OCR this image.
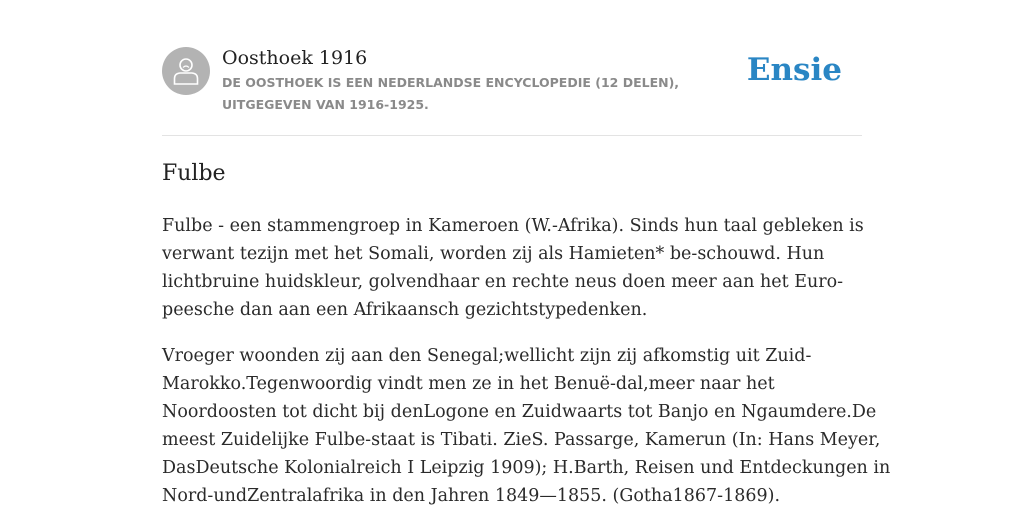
Oosthoek 1916
DE OOSTHOEK IS EEN NEDERLANDSE ENCYCLOPEDIE (12 DELEN), UITGEGEVEN VAN 1916-1925.
Ensie
Fulbe

Fulbe - een stammengroep in Kameroen (W.-Afrika). Sinds hun taal gebleken is
verwant tezijn met het Somali, worden zij als Hamieten* be-schouwd. Hun
lichtbruine huidskleur, golvendhaar en rechte neus doen meer aan het Euro-
peesche dan aan een Afrikaansch gezichtstypedenken.

Vroeger woonden zij aan den Senegal;wellicht zijn zij afkomstig uit Zuid-
Marokko.Tegenwoordig vindt men ze in het Benuë-dal,meer naar het
Noordoosten tot dicht bij denLogone en Zuidwaarts tot Banjo en Ngaumdere.De
meest Zuidelijke Fulbe-staat is Tibati. ZieS. Passarge, Kamerun (In: Hans Meyer,
DasDeutsche Kolonialreich I Leipzig 1909); H.Barth, Reisen und Entdeckungen in
Nord-undZentralafrika in den Jahren 1849—1855. (Gotha1867-1869).
